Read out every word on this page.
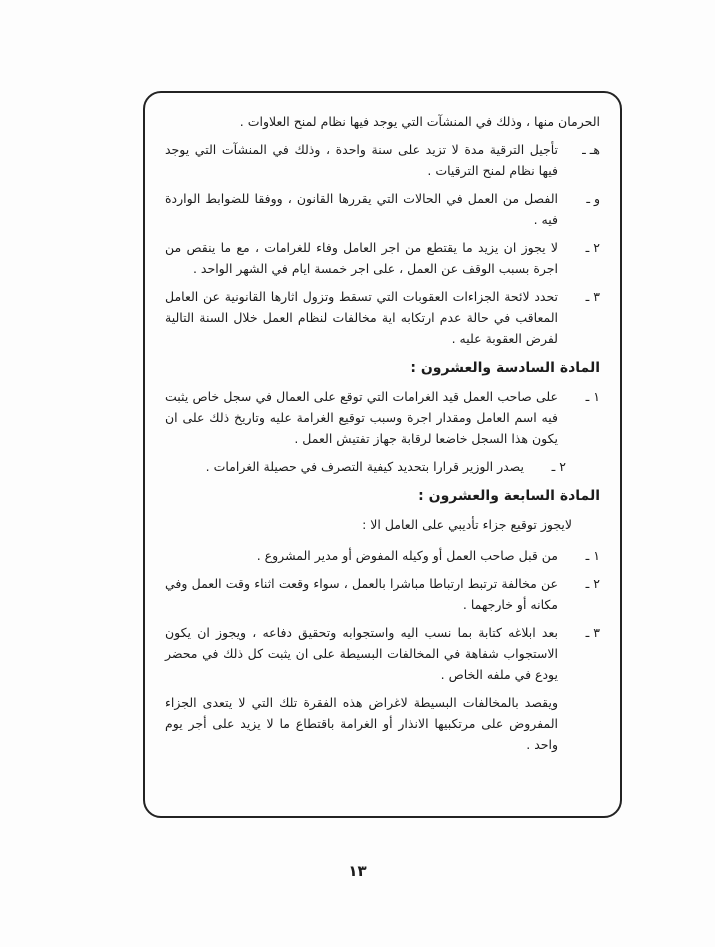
الحرمان منها ، وذلك في المنشآت التي يوجد فيها نظام لمنح العلاوات .
هـ ـ
تأجيل الترقية مدة لا تزيد على سنة واحدة ، وذلك في المنشآت التي يوجد فيها نظام لمنح الترقيات .
و ـ
الفصل من العمل في الحالات التي يقررها القانون ، ووفقا للضوابط الواردة فيه .
٢ ـ
لا يجوز ان يزيد ما يقتطع من اجر العامل وفاء للغرامات ، مع ما ينقص من اجرة بسبب الوقف عن العمل ، على اجر خمسة ايام في الشهر الواحد .
٣ ـ
تحدد لائحة الجزاءات العقوبات التي تسقط وتزول اثارها القانونية عن العامل المعاقب في حالة عدم ارتكابه اية مخالفات لنظام العمل خلال السنة التالية لفرض العقوبة عليه .
المادة السادسة والعشرون :
١ ـ
على صاحب العمل قيد الغرامات التي توقع على العمال في سجل خاص يثبت فيه اسم العامل ومقدار اجرة وسبب توقيع الغرامة عليه وتاريخ ذلك على ان يكون هذا السجل خاضعا لرقابة جهاز تفتيش العمل .
٢ ـ
يصدر الوزير قرارا بتحديد كيفية التصرف في حصيلة الغرامات .
المادة السابعة والعشرون :
لايجوز توقيع جزاء تأديبي على العامل الا :
١ ـ
من قبل صاحب العمل أو وكيله المفوض أو مدير المشروع .
٢ ـ
عن مخالفة ترتبط ارتباطا مباشرا بالعمل ، سواء وقعت اثناء وقت العمل وفي مكانه أو خارجهما .
٣ ـ
بعد ابلاغه كتابة بما نسب اليه واستجوابه وتحقيق دفاعه ، ويجوز ان يكون الاستجواب شفاهة في المخالفات البسيطة على ان يثبت كل ذلك في محضر يودع في ملفه الخاص .
ويقصد بالمخالفات البسيطة لاغراض هذه الفقرة تلك التي لا يتعدى الجزاء المفروض على مرتكبيها الانذار أو الغرامة باقتطاع ما لا يزيد على أجر يوم واحد .
١٣
